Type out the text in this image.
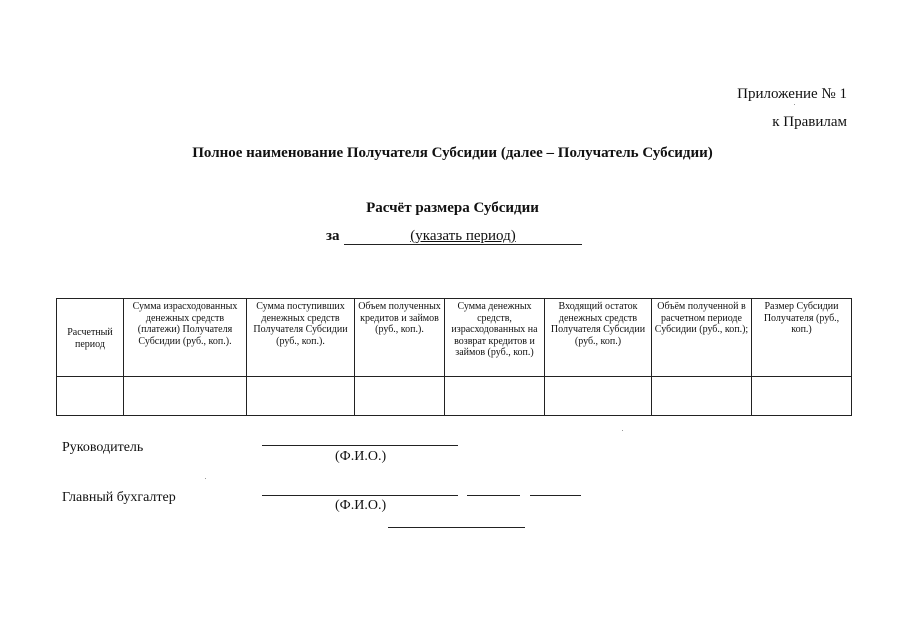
Приложение № 1
к Правилам
Полное наименование Получателя Субсидии (далее – Получатель Субсидии)
Расчёт размера Субсидии
за	(указать период)
Расчетный период	Сумма израсходованных денежных средств (платежи) Получателя Субсидии (руб., коп.).	Сумма поступивших денежных средств Получателя Субсидии (руб., коп.).	Объем полученных кредитов и займов (руб., коп.).	Сумма денежных средств, израсходованных на возврат кредитов и займов (руб., коп.)	Входящий остаток денежных средств Получателя Субсидии (руб., коп.)	Объём полученной в расчетном периоде Субсидии (руб., коп.);	Размер Субсидии Получателя (руб., коп.)

Руководитель
(Ф.И.О.)
Главный бухгалтер
(Ф.И.О.)
